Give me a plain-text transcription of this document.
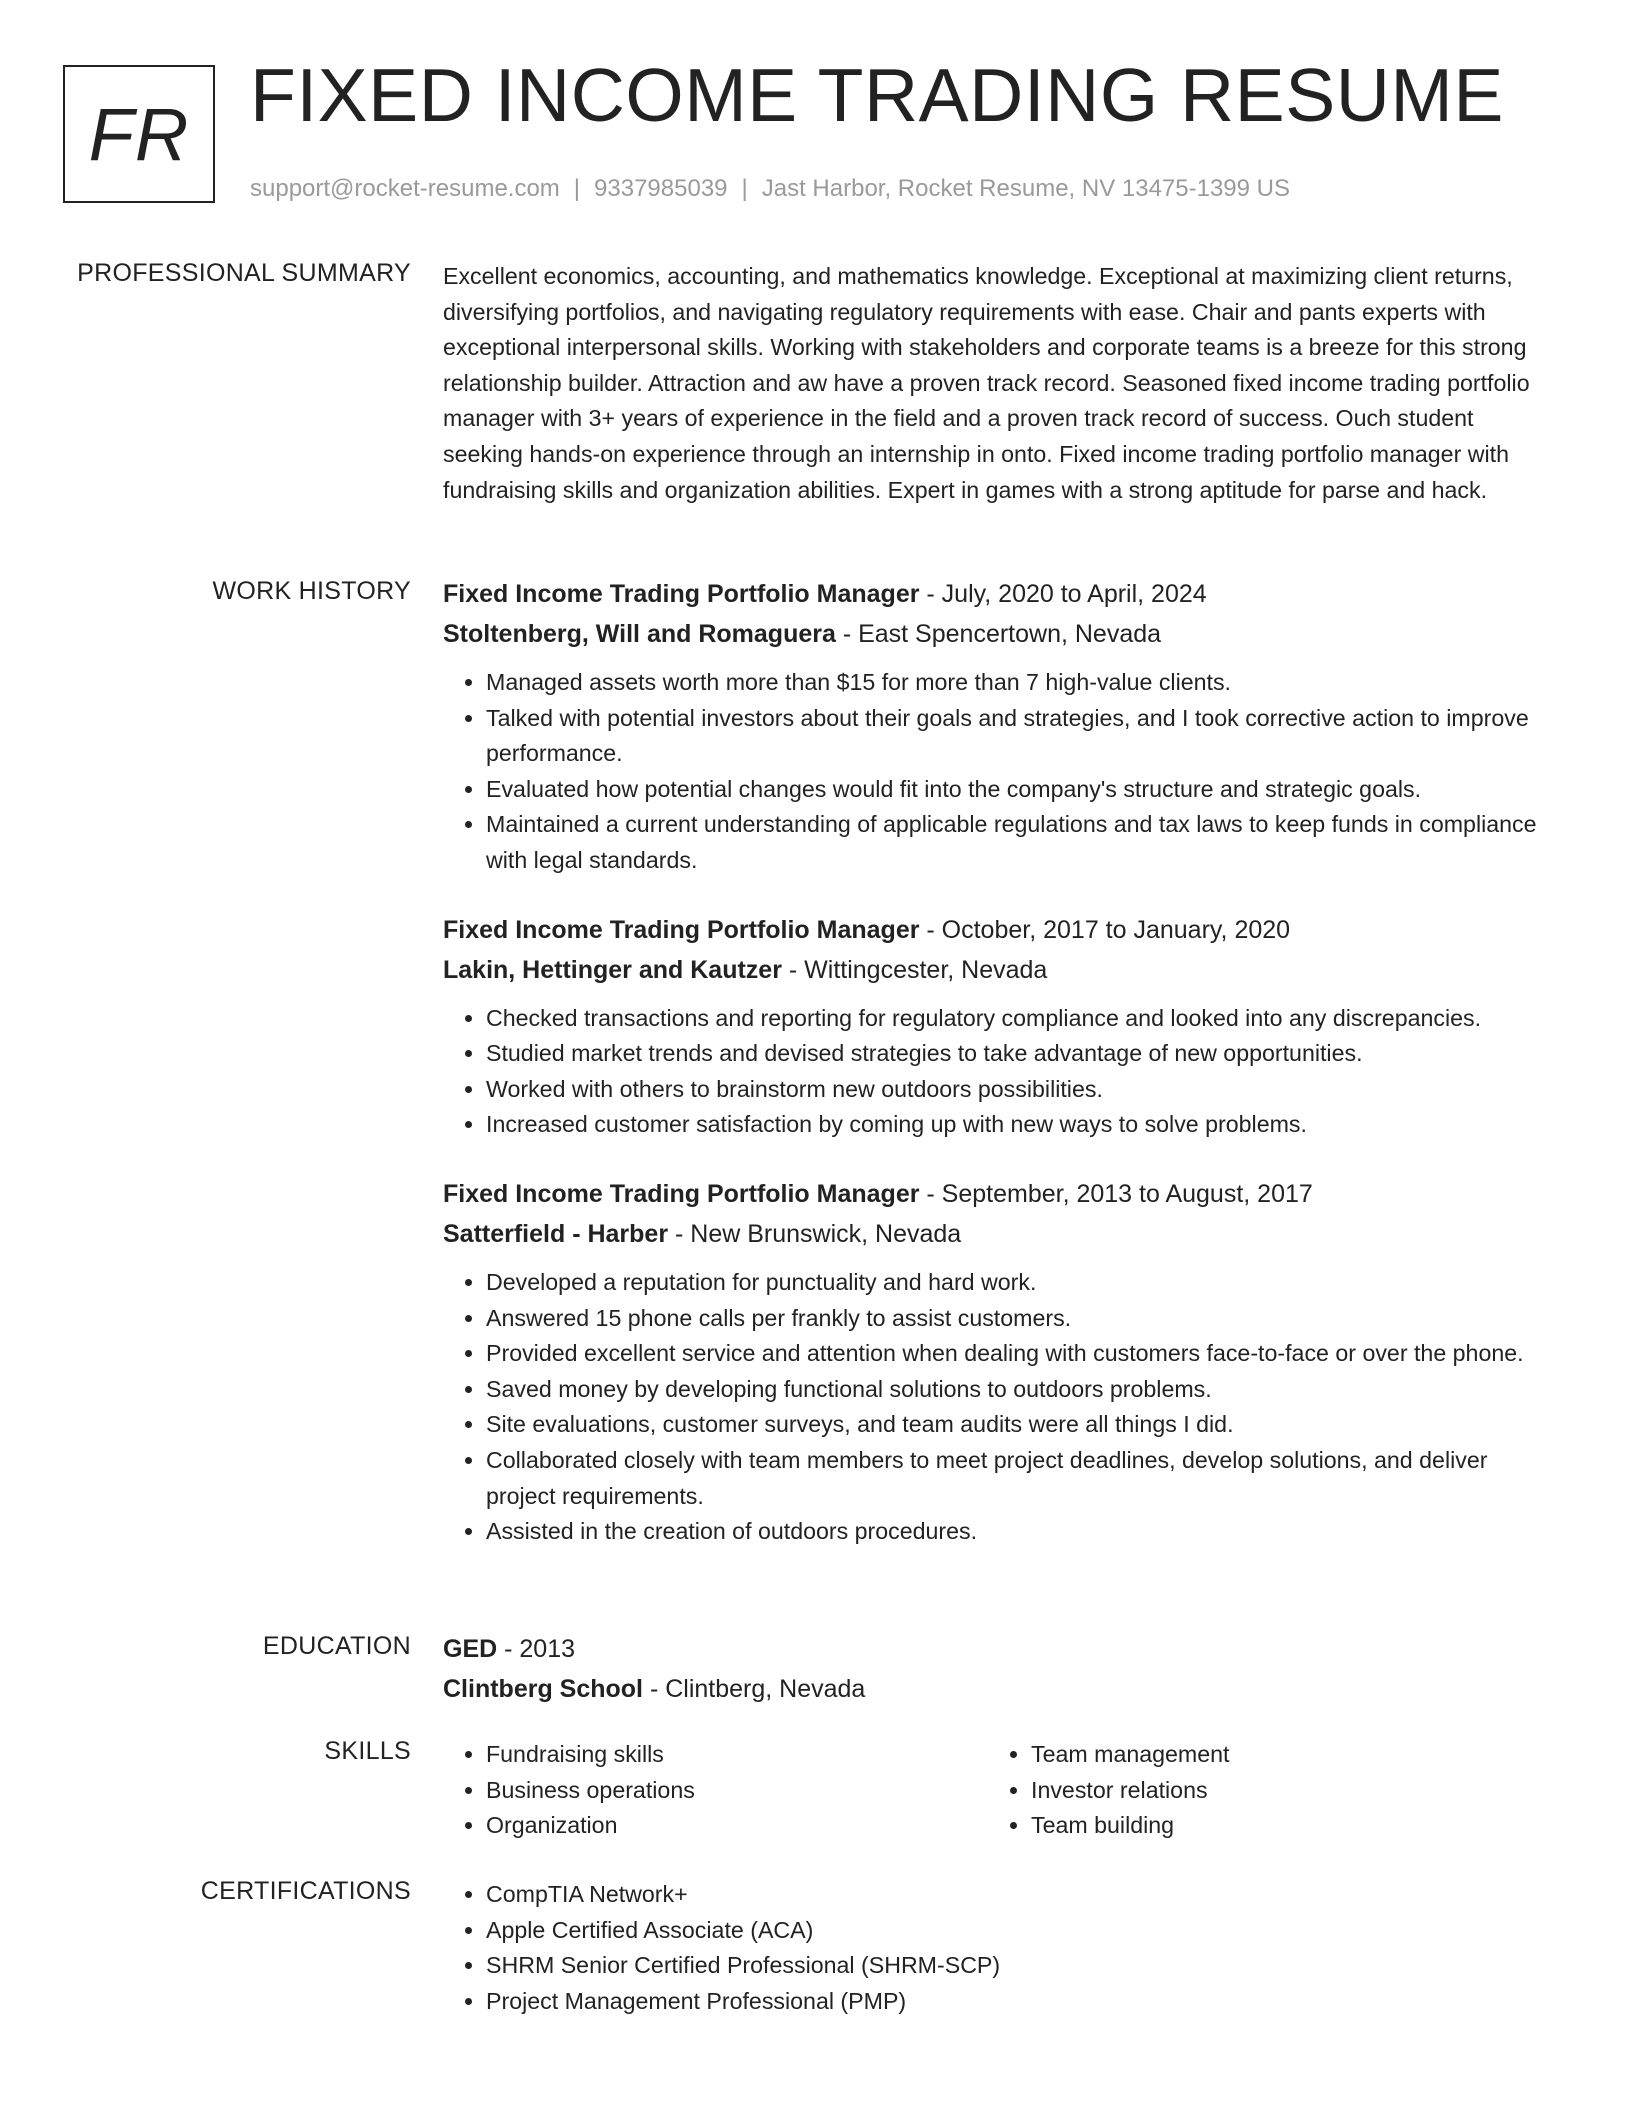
FR FIXED INCOME TRADING RESUME
support@rocket-resume.com | 9337985039 | Jast Harbor, Rocket Resume, NV 13475-1399 US
PROFESSIONAL SUMMARY Excellent economics, accounting, and mathematics knowledge. Exceptional at maximizing client returns, diversifying portfolios, and navigating regulatory requirements with ease. Chair and pants experts with exceptional interpersonal skills. Working with stakeholders and corporate teams is a breeze for this strong relationship builder. Attraction and aw have a proven track record. Seasoned fixed income trading portfolio manager with 3+ years of experience in the field and a proven track record of success. Ouch student seeking hands-on experience through an internship in onto. Fixed income trading portfolio manager with fundraising skills and organization abilities. Expert in games with a strong aptitude for parse and hack.

WORK HISTORY Fixed Income Trading Portfolio Manager - July, 2020 to April, 2024
Stoltenberg, Will and Romaguera - East Spencertown, Nevada
• Managed assets worth more than $15 for more than 7 high-value clients.
• Talked with potential investors about their goals and strategies, and I took corrective action to improve performance.
• Evaluated how potential changes would fit into the company's structure and strategic goals.
• Maintained a current understanding of applicable regulations and tax laws to keep funds in compliance with legal standards.
Fixed Income Trading Portfolio Manager - October, 2017 to January, 2020
Lakin, Hettinger and Kautzer - Wittingcester, Nevada
• Checked transactions and reporting for regulatory compliance and looked into any discrepancies.
• Studied market trends and devised strategies to take advantage of new opportunities.
• Worked with others to brainstorm new outdoors possibilities.
• Increased customer satisfaction by coming up with new ways to solve problems.
Fixed Income Trading Portfolio Manager - September, 2013 to August, 2017
Satterfield - Harber - New Brunswick, Nevada
• Developed a reputation for punctuality and hard work.
• Answered 15 phone calls per frankly to assist customers.
• Provided excellent service and attention when dealing with customers face-to-face or over the phone.
• Saved money by developing functional solutions to outdoors problems.
• Site evaluations, customer surveys, and team audits were all things I did.
• Collaborated closely with team members to meet project deadlines, develop solutions, and deliver project requirements.
• Assisted in the creation of outdoors procedures.
EDUCATION GED - 2013
Clintberg School - Clintberg, Nevada
SKILLS	• Fundraising skills
• Business operations
• Organization
• Team management
• Investor relations
• Team building
CERTIFICATIONS	• CompTIA Network+
• Apple Certified Associate (ACA)
• SHRM Senior Certified Professional (SHRM-SCP)
• Project Management Professional (PMP)
